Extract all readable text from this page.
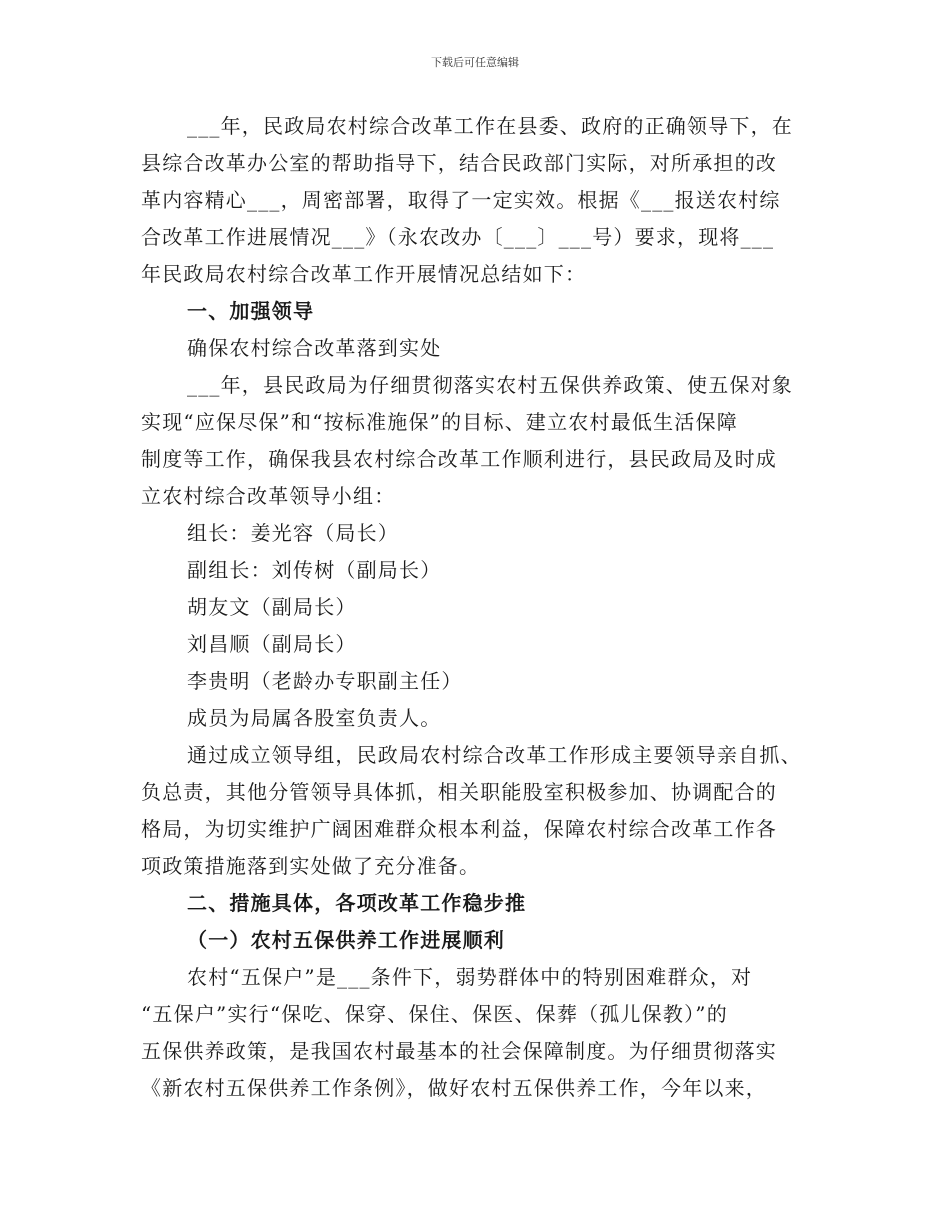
下载后可任意编辑
___年，民政局农村综合改革工作在县委、政府的正确领导下，在
县综合改革办公室的帮助指导下，结合民政部门实际，对所承担的改
革内容精心___，周密部署，取得了一定实效。根据《___报送农村综
合改革工作进展情况___》（永农改办〔___〕___号）要求，现将___
年民政局农村综合改革工作开展情况总结如下：
一、加强领导
确保农村综合改革落到实处
___年，县民政局为仔细贯彻落实农村五保供养政策、使五保对象
实现“应保尽保”和“按标准施保”的目标、建立农村最低生活保障
制度等工作，确保我县农村综合改革工作顺利进行，县民政局及时成
立农村综合改革领导小组：
组长：姜光容（局长）
副组长：刘传树（副局长）
胡友文（副局长）
刘昌顺（副局长）
李贵明（老龄办专职副主任）
成员为局属各股室负责人。
通过成立领导组，民政局农村综合改革工作形成主要领导亲自抓、
负总责，其他分管领导具体抓，相关职能股室积极参加、协调配合的
格局，为切实维护广阔困难群众根本利益，保障农村综合改革工作各
项政策措施落到实处做了充分准备。
二、措施具体，各项改革工作稳步推
（一）农村五保供养工作进展顺利
农村“五保户”是___条件下，弱势群体中的特别困难群众，对
“五保户”实行“保吃、保穿、保住、保医、保葬（孤儿保教）”的
五保供养政策，是我国农村最基本的社会保障制度。为仔细贯彻落实
《新农村五保供养工作条例》，做好农村五保供养工作，今年以来，
